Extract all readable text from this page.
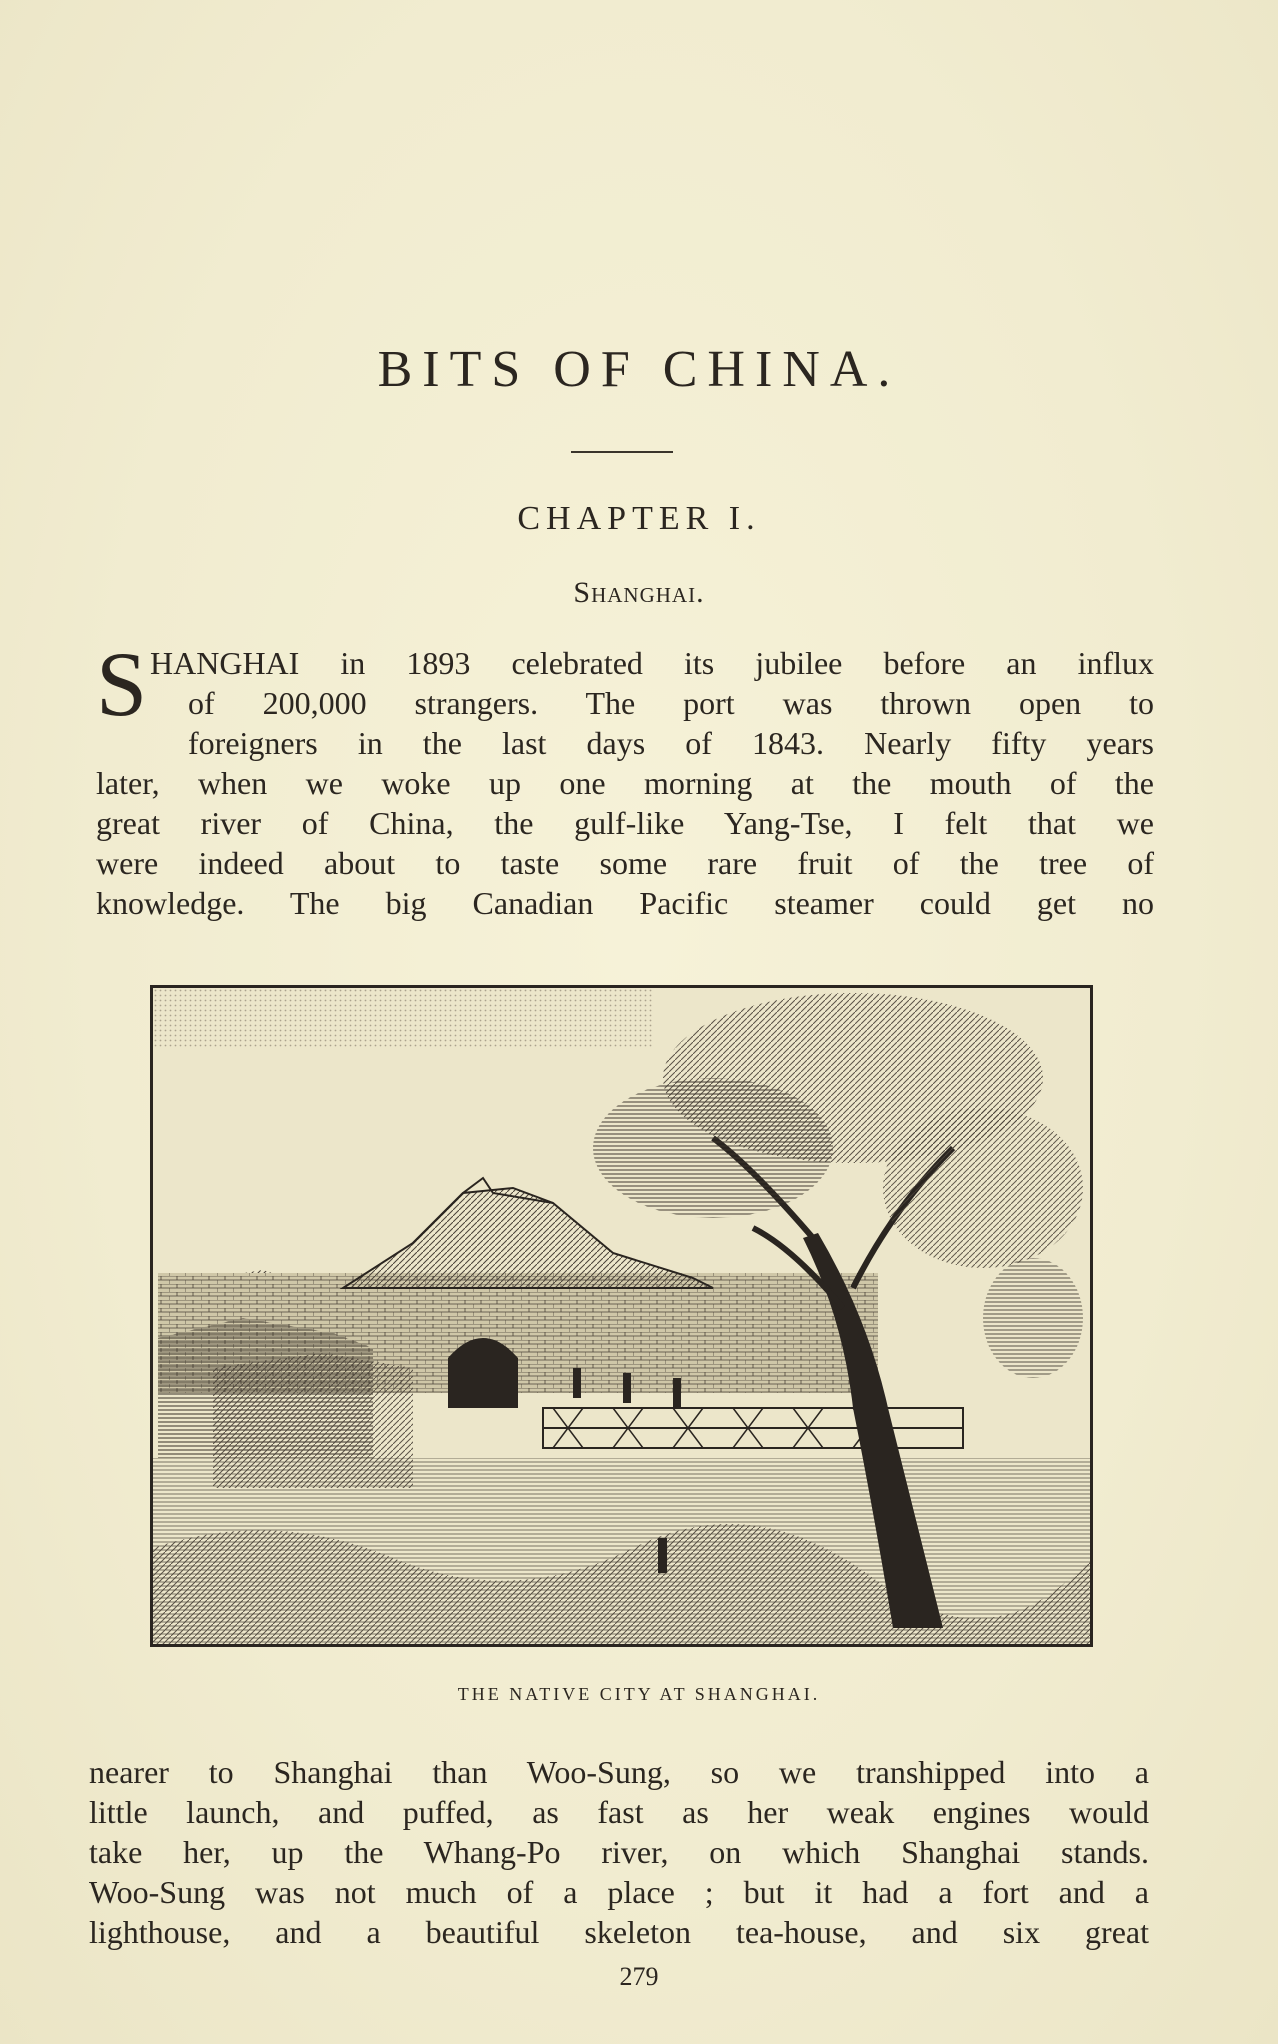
BITS OF CHINA.
CHAPTER I.
Shanghai.
S HANGHAI in 1893 celebrated its jubilee before an influx
of 200,000 strangers. The port was thrown open to
foreigners in the last days of 1843. Nearly fifty years
later, when we woke up one morning at the mouth of the
great river of China, the gulf-like Yang-Tse, I felt that we
were indeed about to taste some rare fruit of the tree of
knowledge. The big Canadian Pacific steamer could get no
THE NATIVE CITY AT SHANGHAI.
nearer to Shanghai than Woo-Sung, so we transhipped into a
little launch, and puffed, as fast as her weak engines would
take her, up the Whang-Po river, on which Shanghai stands.
Woo-Sung was not much of a place ; but it had a fort and a
lighthouse, and a beautiful skeleton tea-house, and six great
279
